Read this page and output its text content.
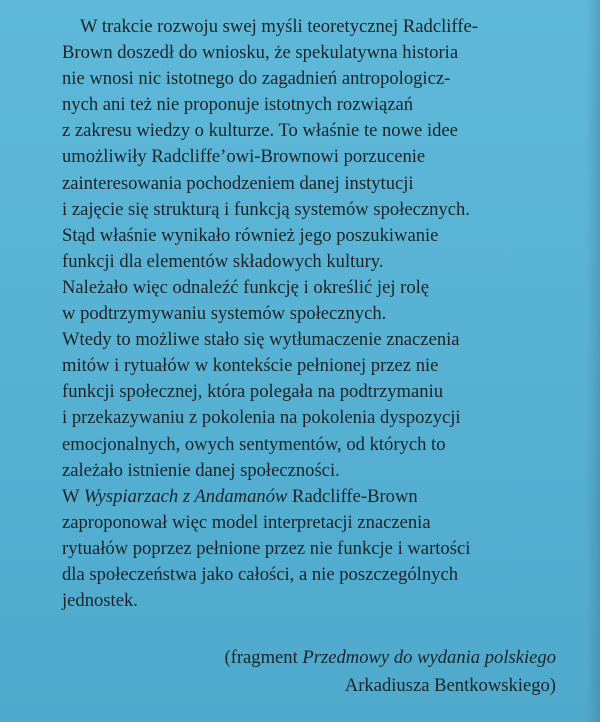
W trakcie rozwoju swej myśli teoretycznej Radcliffe-
Brown doszedł do wniosku, że spekulatywna historia
nie wnosi nic istotnego do zagadnień antropologicz-
nych ani też nie proponuje istotnych rozwiązań
z zakresu wiedzy o kulturze. To właśnie te nowe idee
umożliwiły Radcliffe’owi-Brownowi porzucenie
zainteresowania pochodzeniem danej instytucji
i zajęcie się strukturą i funkcją systemów społecznych.
Stąd właśnie wynikało również jego poszukiwanie
funkcji dla elementów składowych kultury.
Należało więc odnaleźć funkcję i określić jej rolę
w podtrzymywaniu systemów społecznych.
Wtedy to możliwe stało się wytłumaczenie znaczenia
mitów i rytuałów w kontekście pełnionej przez nie
funkcji społecznej, która polegała na podtrzymaniu
i przekazywaniu z pokolenia na pokolenia dyspozycji
emocjonalnych, owych sentymentów, od których to
zależało istnienie danej społeczności.
W Wyspiarzach z Andamanów Radcliffe-Brown
zaproponował więc model interpretacji znaczenia
rytuałów poprzez pełnione przez nie funkcje i wartości
dla społeczeństwa jako całości, a nie poszczególnych
jednostek.
(fragment Przedmowy do wydania polskiego
Arkadiusza Bentkowskiego)
